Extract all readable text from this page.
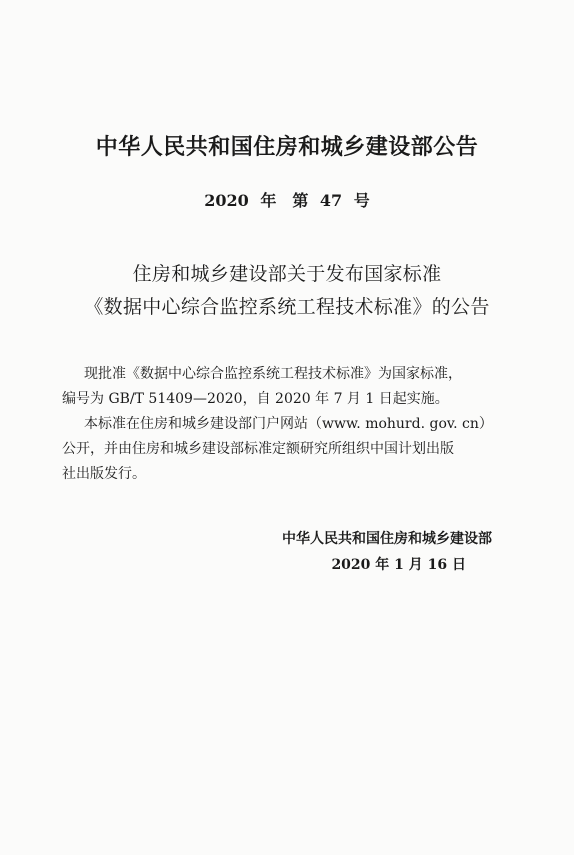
中华人民共和国住房和城乡建设部公告
2020 年　第 47 号
住房和城乡建设部关于发布国家标准
《数据中心综合监控系统工程技术标准》的公告
现批准《数据中心综合监控系统工程技术标准》为国家标准，
编号为 GB/T 51409—2020，自 2020 年 7 月 1 日起实施。
本标准在住房和城乡建设部门户网站（www. mohurd. gov. cn）
公开，并由住房和城乡建设部标准定额研究所组织中国计划出版
社出版发行。
中华人民共和国住房和城乡建设部
2020 年 1 月 16 日
